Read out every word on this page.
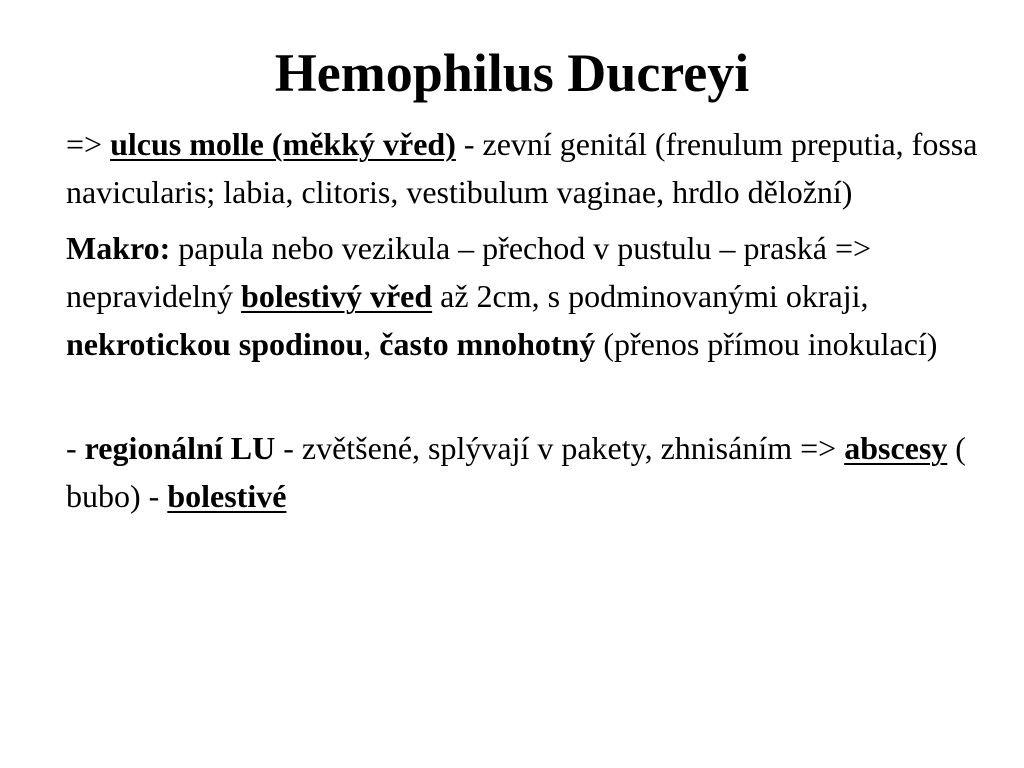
Hemophilus Ducreyi

=> ulcus molle (měkký vřed) - zevní genitál (frenulum preputia, fossa navicularis; labia, clitoris, vestibulum vaginae, hrdlo děložní)

Makro: papula nebo vezikula – přechod v pustulu – praská => nepravidelný bolestivý vřed až 2cm, s podminovanými okraji, nekrotickou spodinou, často mnohotný (přenos přímou inokulací)

- regionální LU - zvětšené, splývají v pakety, zhnisáním => abscesy ( bubo) - bolestivé
